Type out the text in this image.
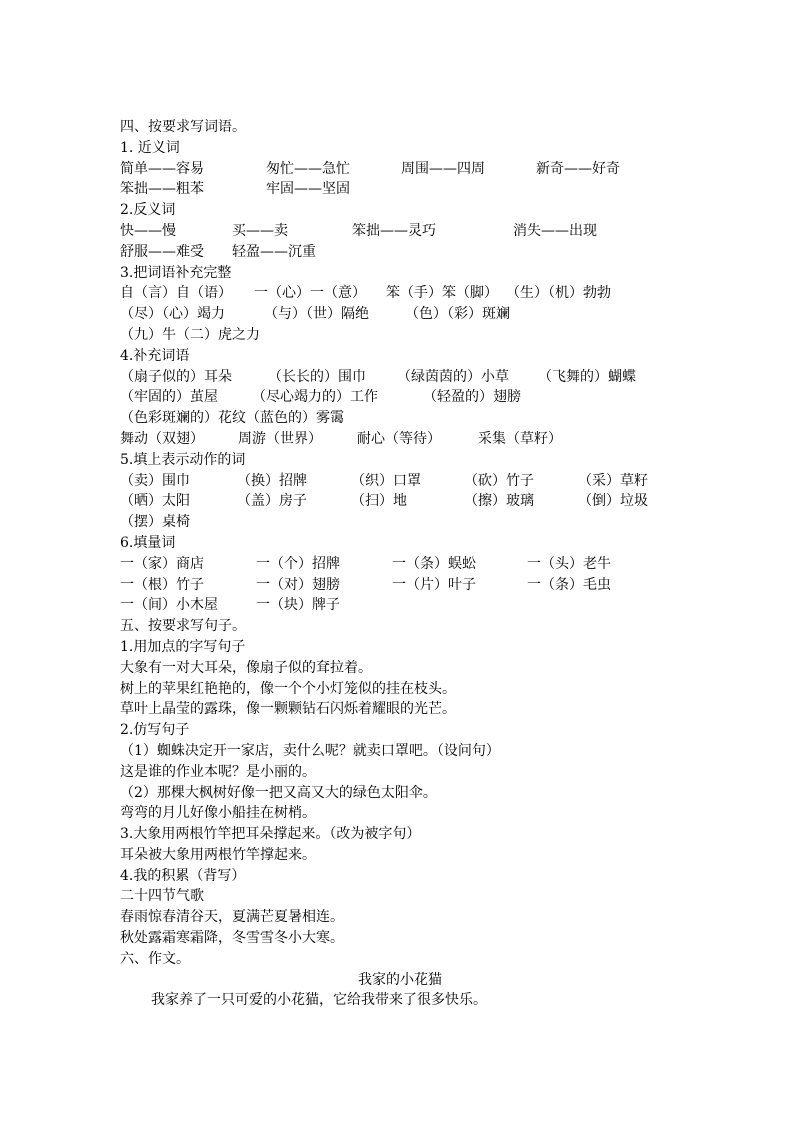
四、按要求写词语。
1. 近义词
简单——容易	匆忙——急忙	周围——四周	新奇——好奇
笨拙——粗苯	牢固——坚固
2.反义词
快——慢	买——卖	笨拙——灵巧	消失——出现
舒服——难受 轻盈——沉重
3.把词语补充完整
自（言）自（语） 一（心）一（意） 笨（手）笨（脚） （生）（机）勃勃
（尽）（心）竭力	（与）（世）隔绝	（色）（彩）斑斓
（九）牛（二）虎之力
4.补充词语
（扇子似的）耳朵	（长长的）围巾 （绿茵茵的）小草 （飞舞的）蝴蝶
（牢固的）茧屋 （尽心竭力的）工作	（轻盈的）翅膀
（色彩斑斓的）花纹（蓝色的）雾霭
舞动（双翅） 周游（世界）	耐心（等待）	采集（草籽）
5.填上表示动作的词
（卖）围巾	（换）招牌	（织）口罩	（砍）竹子	（采）草籽
（晒）太阳	（盖）房子	（扫）地	（擦）玻璃	（倒）垃圾
（摆）桌椅
6.填量词
一（家）商店	一（个）招牌	一（条）蜈蚣	一（头）老牛
一（根）竹子	一（对）翅膀	一（片）叶子	一（条）毛虫
一（间）小木屋	一（块）牌子
五、按要求写句子。
1.用加点的字写句子
大象有一对大耳朵，像扇子似的耷拉着。
树上的苹果红艳艳的，像一个个小灯笼似的挂在枝头。
草叶上晶莹的露珠，像一颗颗钻石闪烁着耀眼的光芒。
2.仿写句子
（1）蜘蛛决定开一家店，卖什么呢？就卖口罩吧。（设问句）
这是谁的作业本呢？是小丽的。
（2）那棵大枫树好像一把又高又大的绿色太阳伞。
弯弯的月儿好像小船挂在树梢。
3.大象用两根竹竿把耳朵撑起来。（改为被字句）
耳朵被大象用两根竹竿撑起来。
4.我的积累（背写）
二十四节气歌
春雨惊春清谷天，夏满芒夏暑相连。
秋处露霜寒霜降，冬雪雪冬小大寒。
六、作文。
我家的小花猫
我家养了一只可爱的小花猫，它给我带来了很多快乐。
